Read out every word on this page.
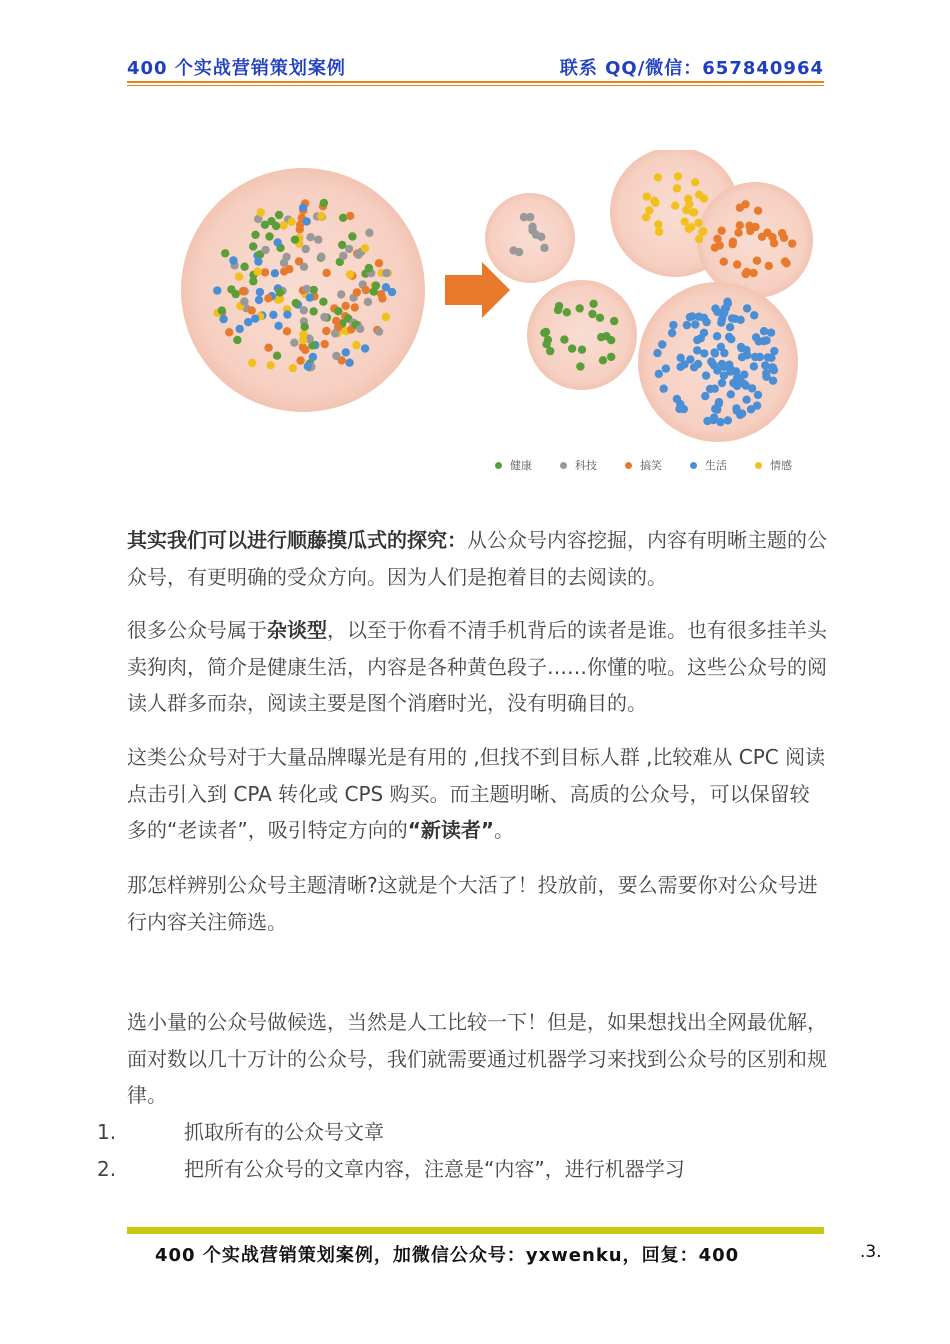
400 个实战营销策划案例	联系 QQ/微信：657840964
健康	科技	搞笑	生活	情感
其实我们可以进行顺藤摸瓜式的探究：从公众号内容挖掘，内容有明晰主题的公众号，有更明确的受众方向。因为人们是抱着目的去阅读的。
很多公众号属于杂谈型，以至于你看不清手机背后的读者是谁。也有很多挂羊头卖狗肉，简介是健康生活，内容是各种黄色段子……你懂的啦。这些公众号的阅读人群多而杂，阅读主要是图个消磨时光，没有明确目的。
这类公众号对于大量品牌曝光是有用的 ,但找不到目标人群 ,比较难从 CPC 阅读点击引入到 CPA 转化或 CPS 购买。而主题明晰、高质的公众号，可以保留较多的“老读者”，吸引特定方向的“新读者”。
那怎样辨别公众号主题清晰?这就是个大活了！投放前，要么需要你对公众号进行内容关注筛选。
选小量的公众号做候选，当然是人工比较一下！但是，如果想找出全网最优解，面对数以几十万计的公众号，我们就需要通过机器学习来找到公众号的区别和规律。
1.	抓取所有的公众号文章
2.	把所有公众号的文章内容，注意是“内容”，进行机器学习
400 个实战营销策划案例，加微信公众号：yxwenku，回复：400	.3.
